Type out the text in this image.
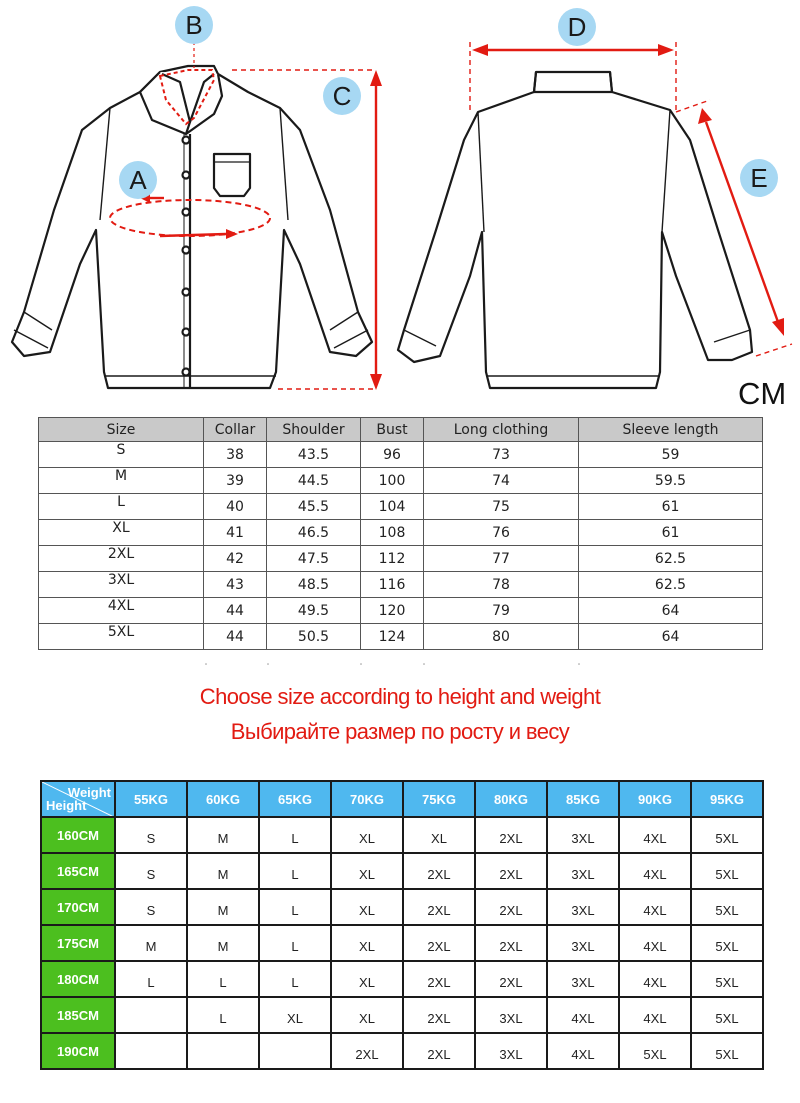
A
B
C
D
E
CM
Size	Collar	Shoulder	Bust	Long clothing	Sleeve length
S	38	43.5	96	73	59
M	39	44.5	100	74	59.5
L	40	45.5	104	75	61
XL	41	46.5	108	76	61
2XL	42	47.5	112	77	62.5
3XL	43	48.5	116	78	62.5
4XL	44	49.5	120	79	64
5XL	44	50.5	124	80	64
Choose size according to height and weight
Выбирайте размер по росту и весу
Weight
Height	55KG	60KG	65KG	70KG	75KG	80KG	85KG	90KG	95KG
160CM	S	M	L	XL	XL	2XL	3XL	4XL	5XL
165CM	S	M	L	XL	2XL	2XL	3XL	4XL	5XL
170CM	S	M	L	XL	2XL	2XL	3XL	4XL	5XL
175CM	M	M	L	XL	2XL	2XL	3XL	4XL	5XL
180CM	L	L	L	XL	2XL	2XL	3XL	4XL	5XL
185CM		L	XL	XL	2XL	3XL	4XL	4XL	5XL
190CM				2XL	2XL	3XL	4XL	5XL	5XL
